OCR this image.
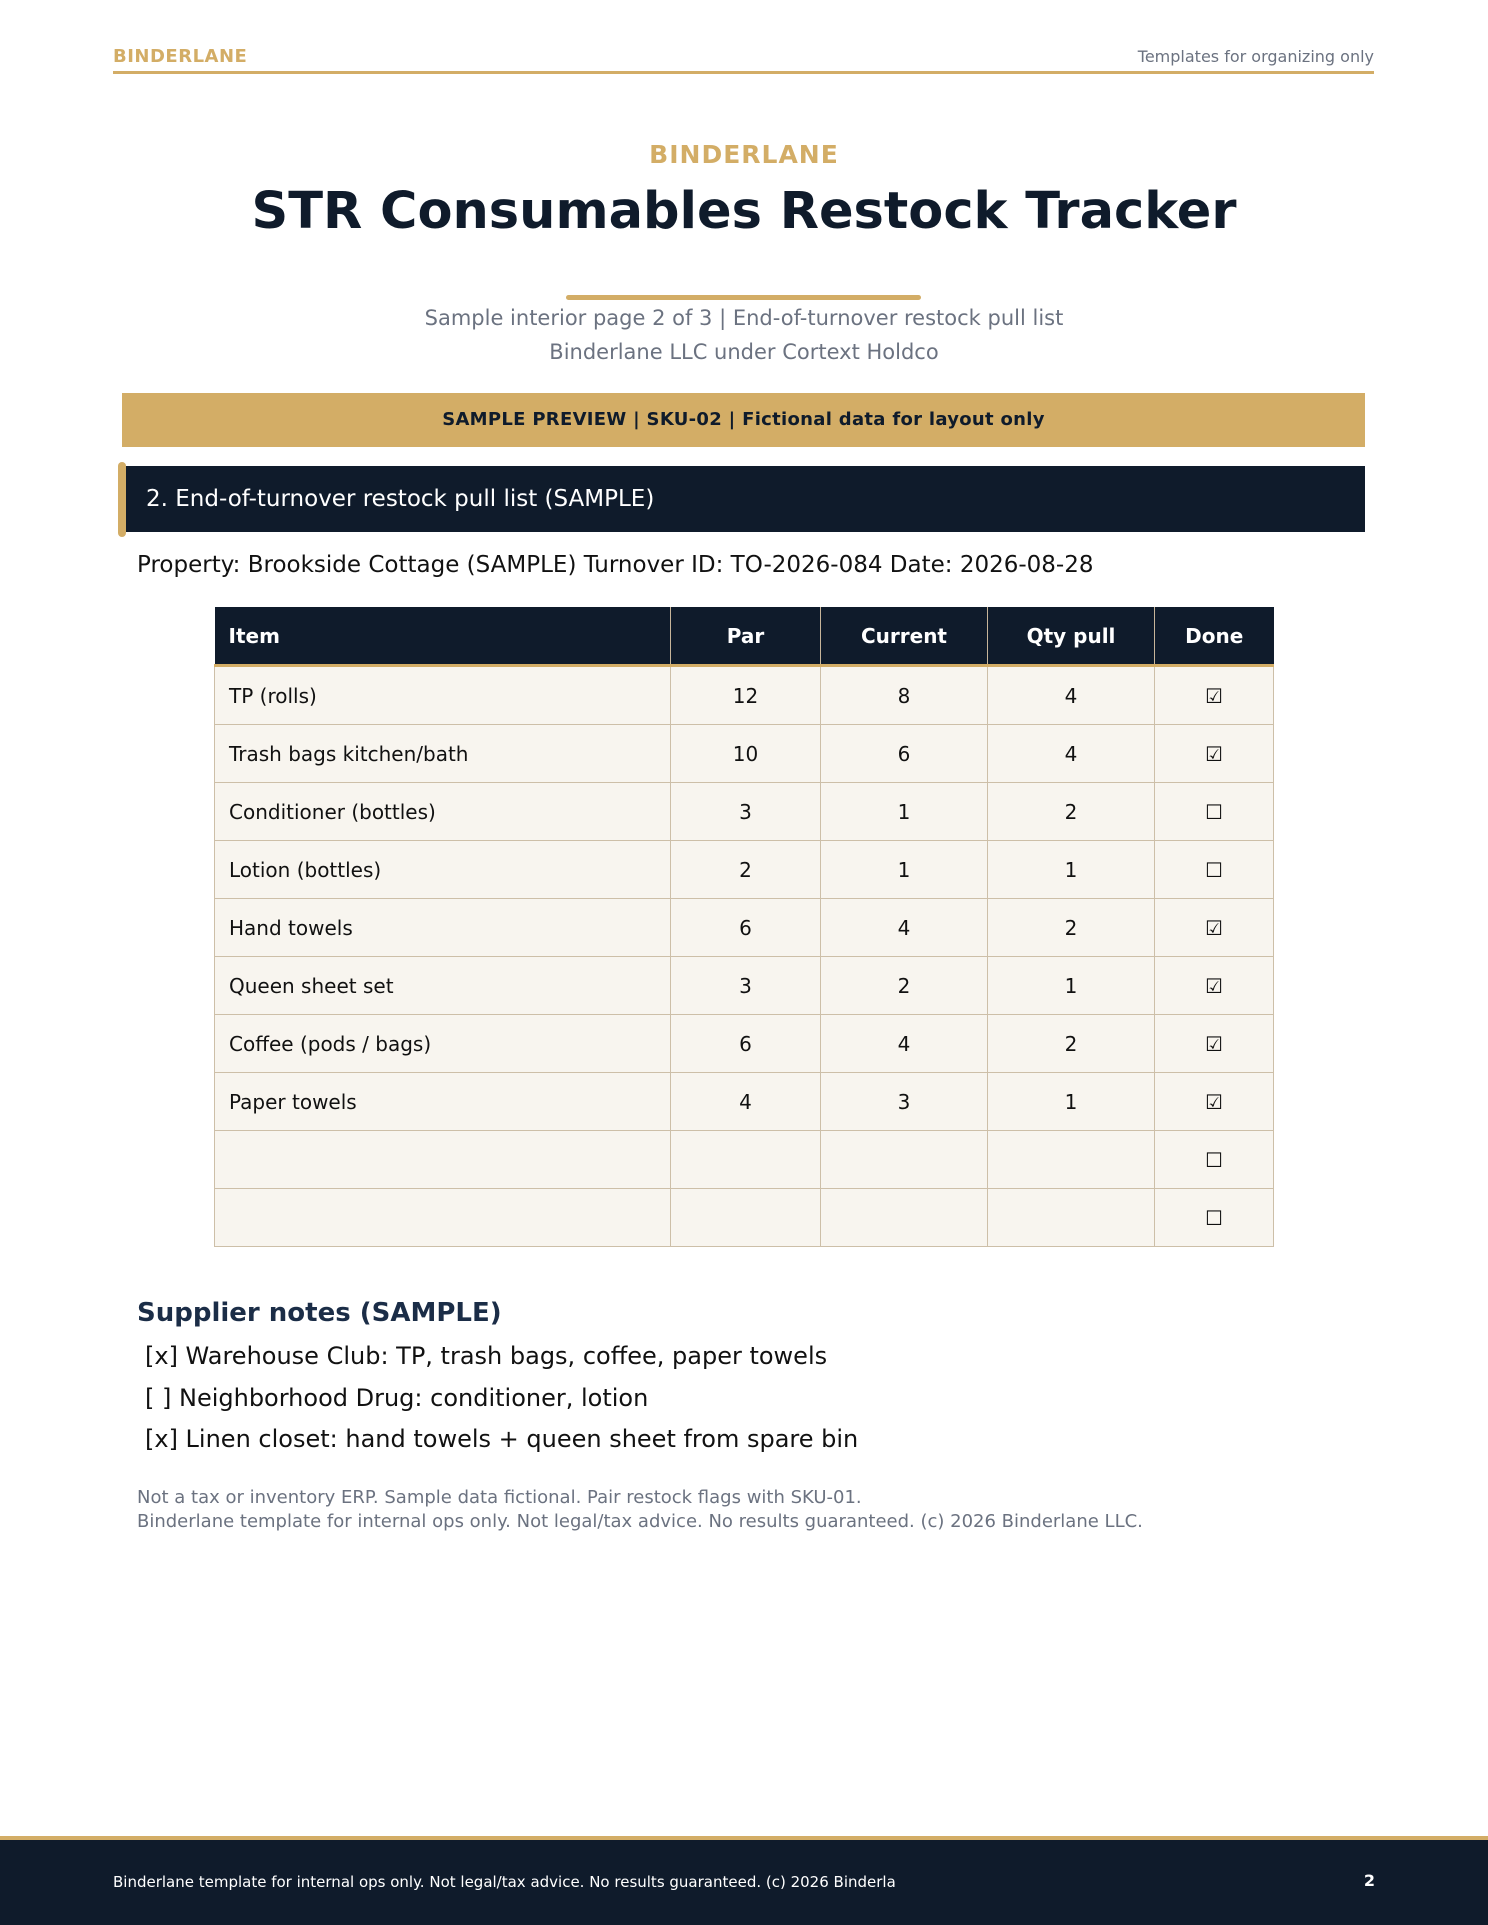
BINDERLANE	Templates for organizing only
BINDERLANE
STR Consumables Restock Tracker
Sample interior page 2 of 3 | End-of-turnover restock pull list
Binderlane LLC under Cortext Holdco
SAMPLE PREVIEW | SKU-02 | Fictional data for layout only
2. End-of-turnover restock pull list (SAMPLE)
Property: Brookside Cottage (SAMPLE) Turnover ID: TO-2026-084 Date: 2026-08-28
Item	Par	Current	Qty pull	Done
TP (rolls)	12	8	4	☑
Trash bags kitchen/bath	10	6	4	☑
Conditioner (bottles)	3	1	2	☐
Lotion (bottles)	2	1	1	☐
Hand towels	6	4	2	☑
Queen sheet set	3	2	1	☑
Coffee (pods / bags)	6	4	2	☑
Paper towels	4	3	1	☑
				☐
				☐
Supplier notes (SAMPLE)
[x] Warehouse Club: TP, trash bags, coffee, paper towels
[ ] Neighborhood Drug: conditioner, lotion
[x] Linen closet: hand towels + queen sheet from spare bin
Not a tax or inventory ERP. Sample data fictional. Pair restock flags with SKU-01.
Binderlane template for internal ops only. Not legal/tax advice. No results guaranteed. (c) 2026 Binderlane LLC.
Binderlane template for internal ops only. Not legal/tax advice. No results guaranteed. (c) 2026 Binderla	2
